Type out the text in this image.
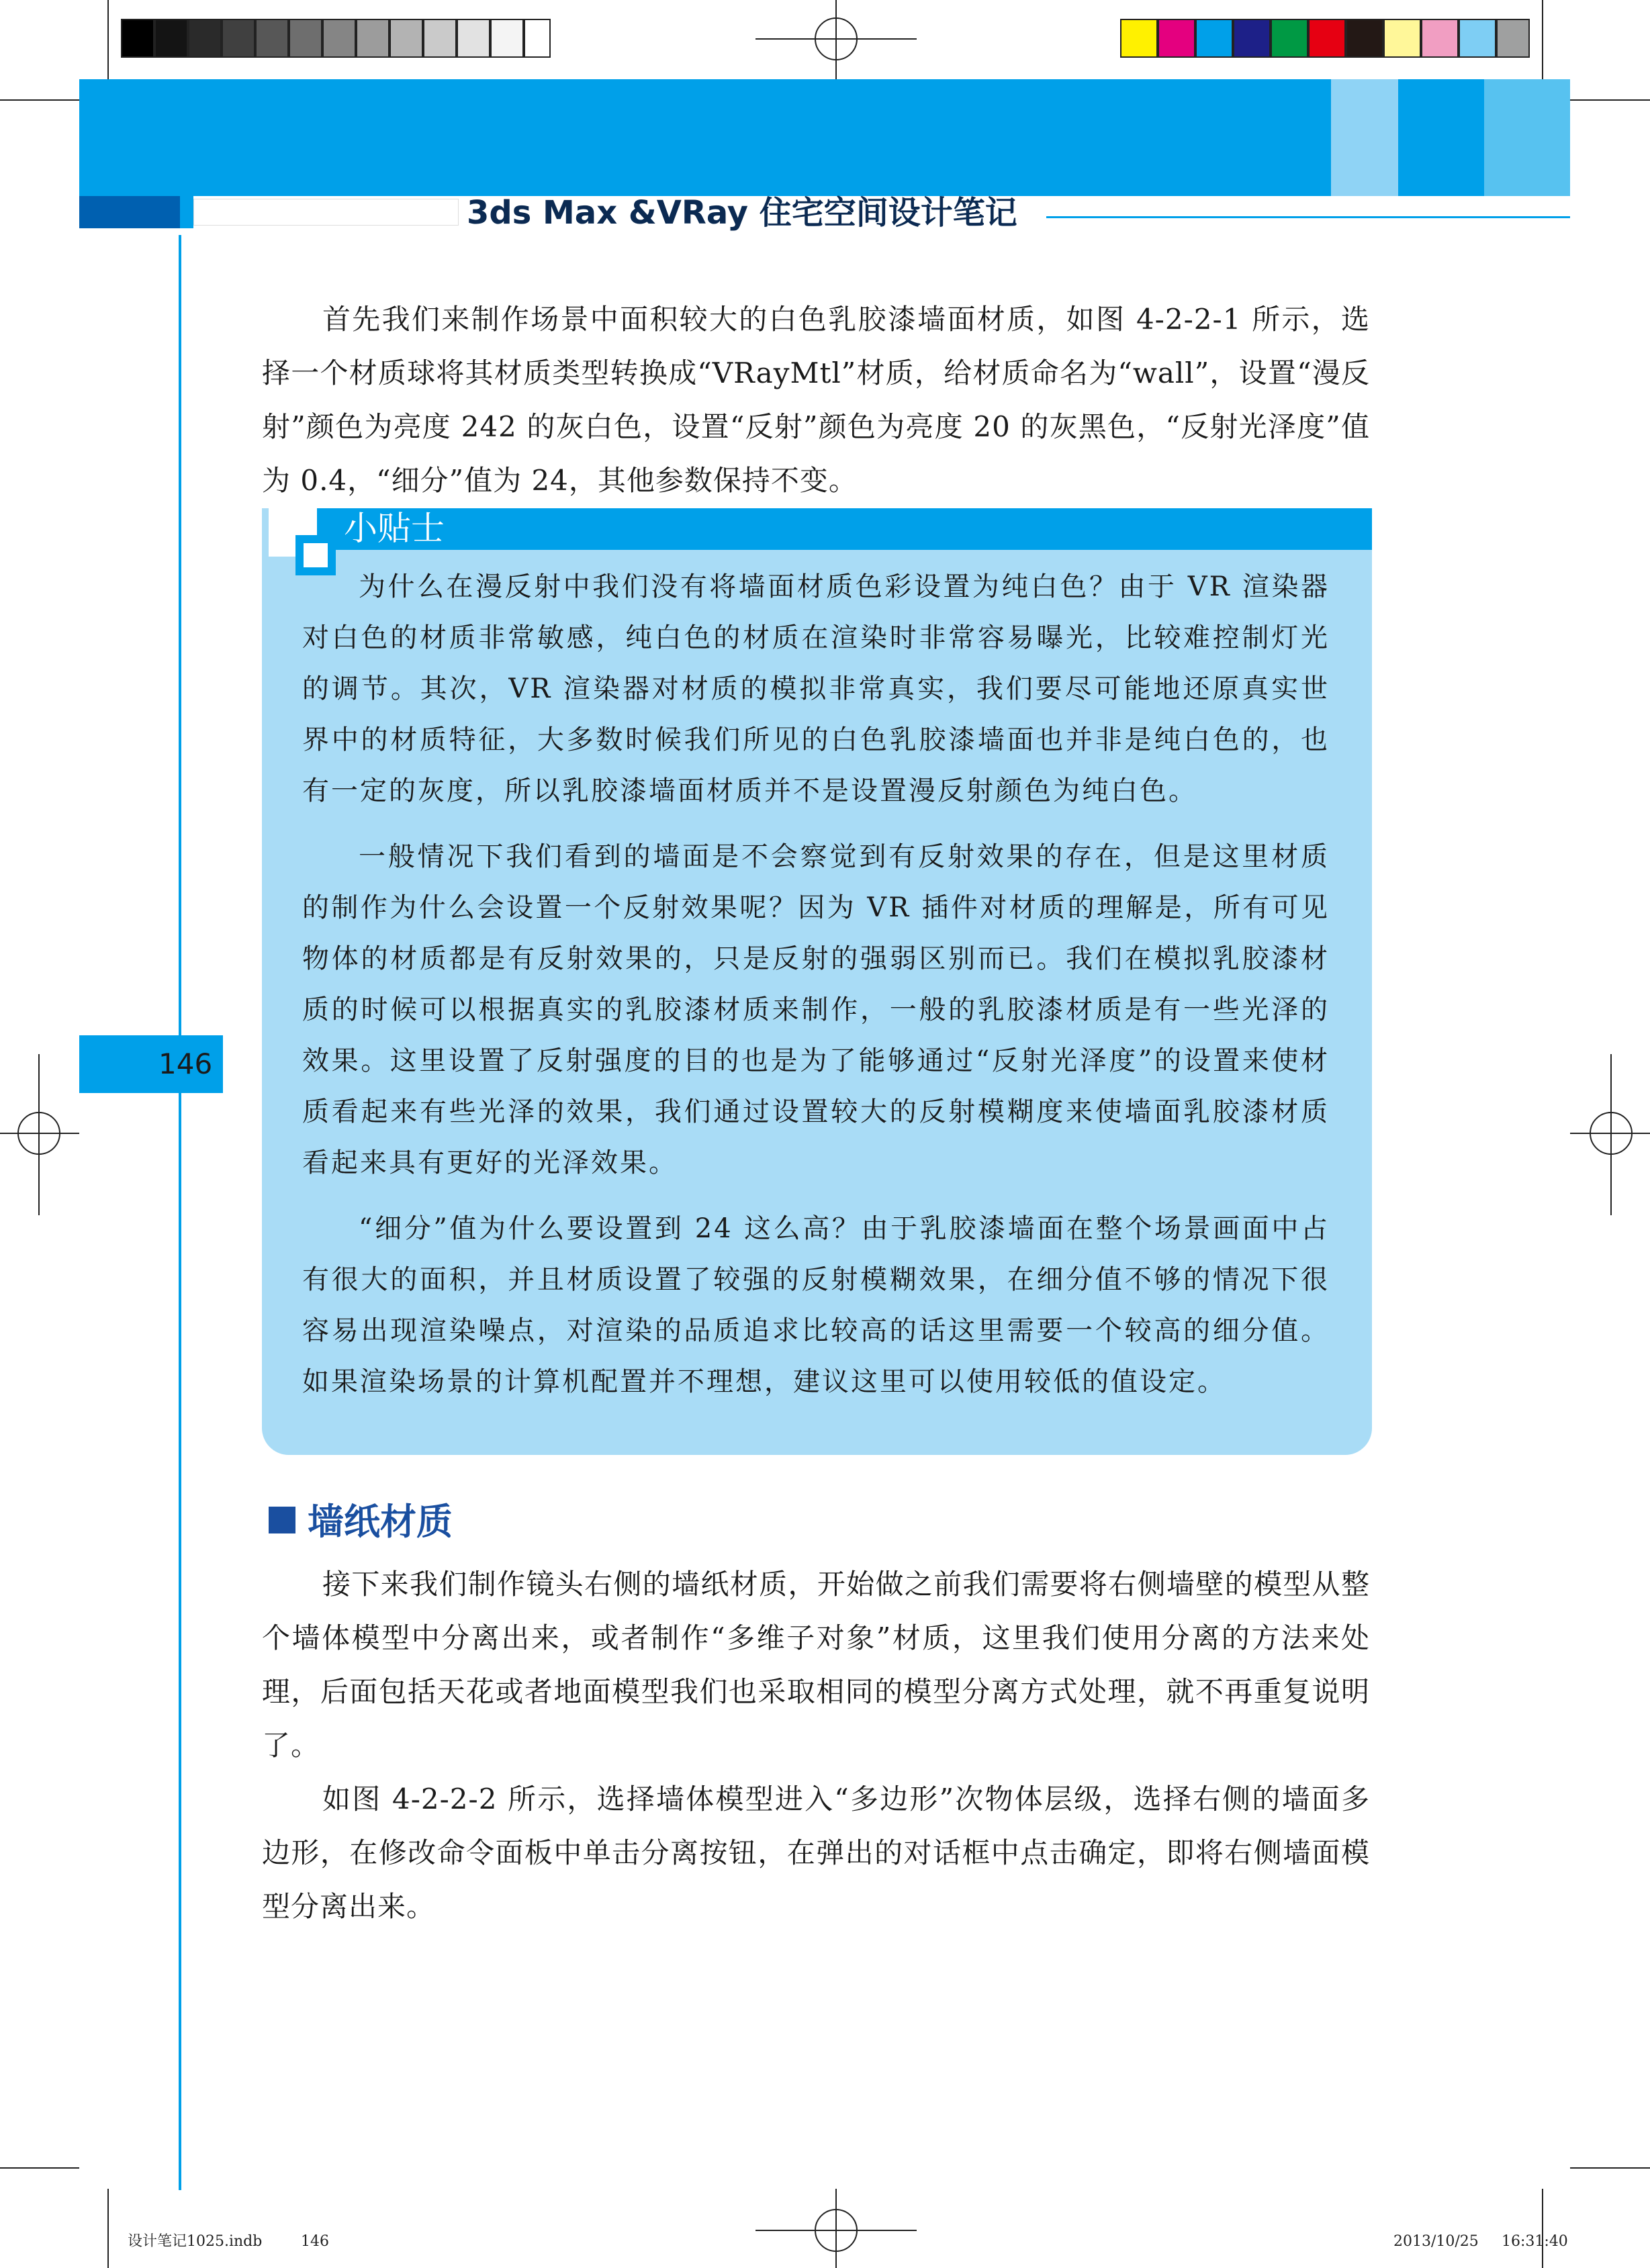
3ds Max &VRay 住宅空间设计笔记
首先我们来制作场景中面积较大的白色乳胶漆墙面材质，如图 4-2-2-1 所示，选择一个材质球将其材质类型转换成“VRayMtl”材质，给材质命名为“wall”，设置“漫反射”颜色为亮度 242 的灰白色，设置“反射”颜色为亮度 20 的灰黑色，“反射光泽度”值为 0.4，“细分”值为 24，其他参数保持不变。
小贴士
为什么在漫反射中我们没有将墙面材质色彩设置为纯白色？由于 VR 渲染器对白色的材质非常敏感，纯白色的材质在渲染时非常容易曝光，比较难控制灯光的调节。其次，VR 渲染器对材质的模拟非常真实，我们要尽可能地还原真实世界中的材质特征，大多数时候我们所见的白色乳胶漆墙面也并非是纯白色的，也有一定的灰度，所以乳胶漆墙面材质并不是设置漫反射颜色为纯白色。
一般情况下我们看到的墙面是不会察觉到有反射效果的存在，但是这里材质的制作为什么会设置一个反射效果呢？因为 VR 插件对材质的理解是，所有可见物体的材质都是有反射效果的，只是反射的强弱区别而已。我们在模拟乳胶漆材质的时候可以根据真实的乳胶漆材质来制作，一般的乳胶漆材质是有一些光泽的效果。这里设置了反射强度的目的也是为了能够通过“反射光泽度”的设置来使材质看起来有些光泽的效果，我们通过设置较大的反射模糊度来使墙面乳胶漆材质看起来具有更好的光泽效果。
“细分”值为什么要设置到 24 这么高？由于乳胶漆墙面在整个场景画面中占有很大的面积，并且材质设置了较强的反射模糊效果，在细分值不够的情况下很容易出现渲染噪点，对渲染的品质追求比较高的话这里需要一个较高的细分值。如果渲染场景的计算机配置并不理想，建议这里可以使用较低的值设定。
146
墙纸材质
接下来我们制作镜头右侧的墙纸材质，开始做之前我们需要将右侧墙壁的模型从整个墙体模型中分离出来，或者制作“多维子对象”材质，这里我们使用分离的方法来处理，后面包括天花或者地面模型我们也采取相同的模型分离方式处理，就不再重复说明了。
如图 4-2-2-2 所示，选择墙体模型进入“多边形”次物体层级，选择右侧的墙面多边形，在修改命令面板中单击分离按钮，在弹出的对话框中点击确定，即将右侧墙面模型分离出来。
设计笔记1025.indb	146	2013/10/25 16:31:40
